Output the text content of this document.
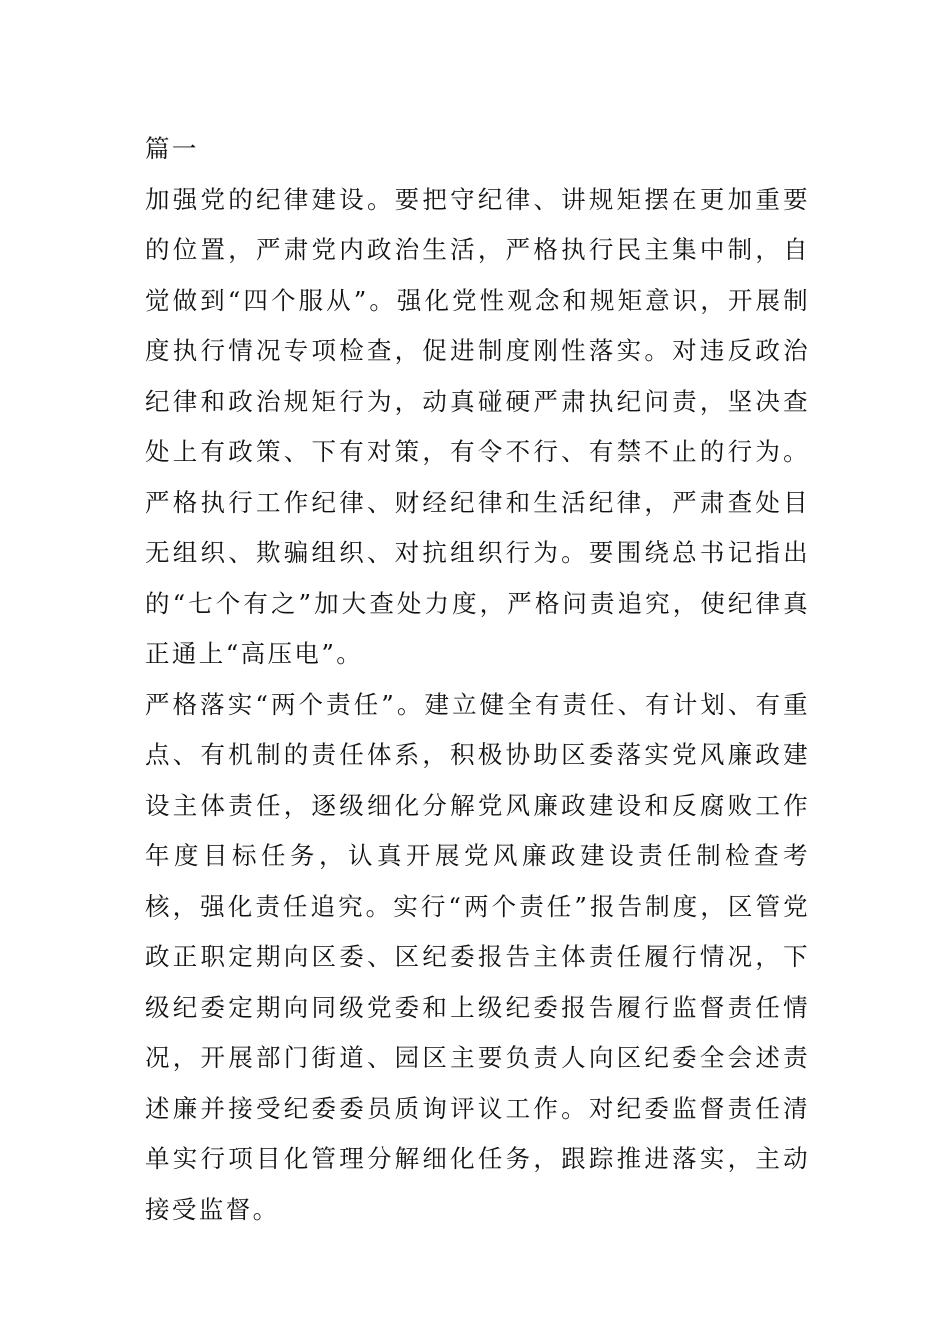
篇一

加强党的纪律建设。要把守纪律、讲规矩摆在更加重要的位置，严肃党内政治生活，严格执行民主集中制，自觉做到“四个服从”。强化党性观念和规矩意识，开展制度执行情况专项检查，促进制度刚性落实。对违反政治纪律和政治规矩行为，动真碰硬严肃执纪问责，坚决查处上有政策、下有对策，有令不行、有禁不止的行为。严格执行工作纪律、财经纪律和生活纪律，严肃查处目无组织、欺骗组织、对抗组织行为。要围绕总书记指出的“七个有之”加大查处力度，严格问责追究，使纪律真正通上“高压电”。

严格落实“两个责任”。建立健全有责任、有计划、有重点、有机制的责任体系，积极协助区委落实党风廉政建设主体责任，逐级细化分解党风廉政建设和反腐败工作年度目标任务，认真开展党风廉政建设责任制检查考核，强化责任追究。实行“两个责任”报告制度，区管党政正职定期向区委、区纪委报告主体责任履行情况，下级纪委定期向同级党委和上级纪委报告履行监督责任情况，开展部门街道、园区主要负责人向区纪委全会述责述廉并接受纪委委员质询评议工作。对纪委监督责任清单实行项目化管理分解细化任务，跟踪推进落实，主动接受监督。
